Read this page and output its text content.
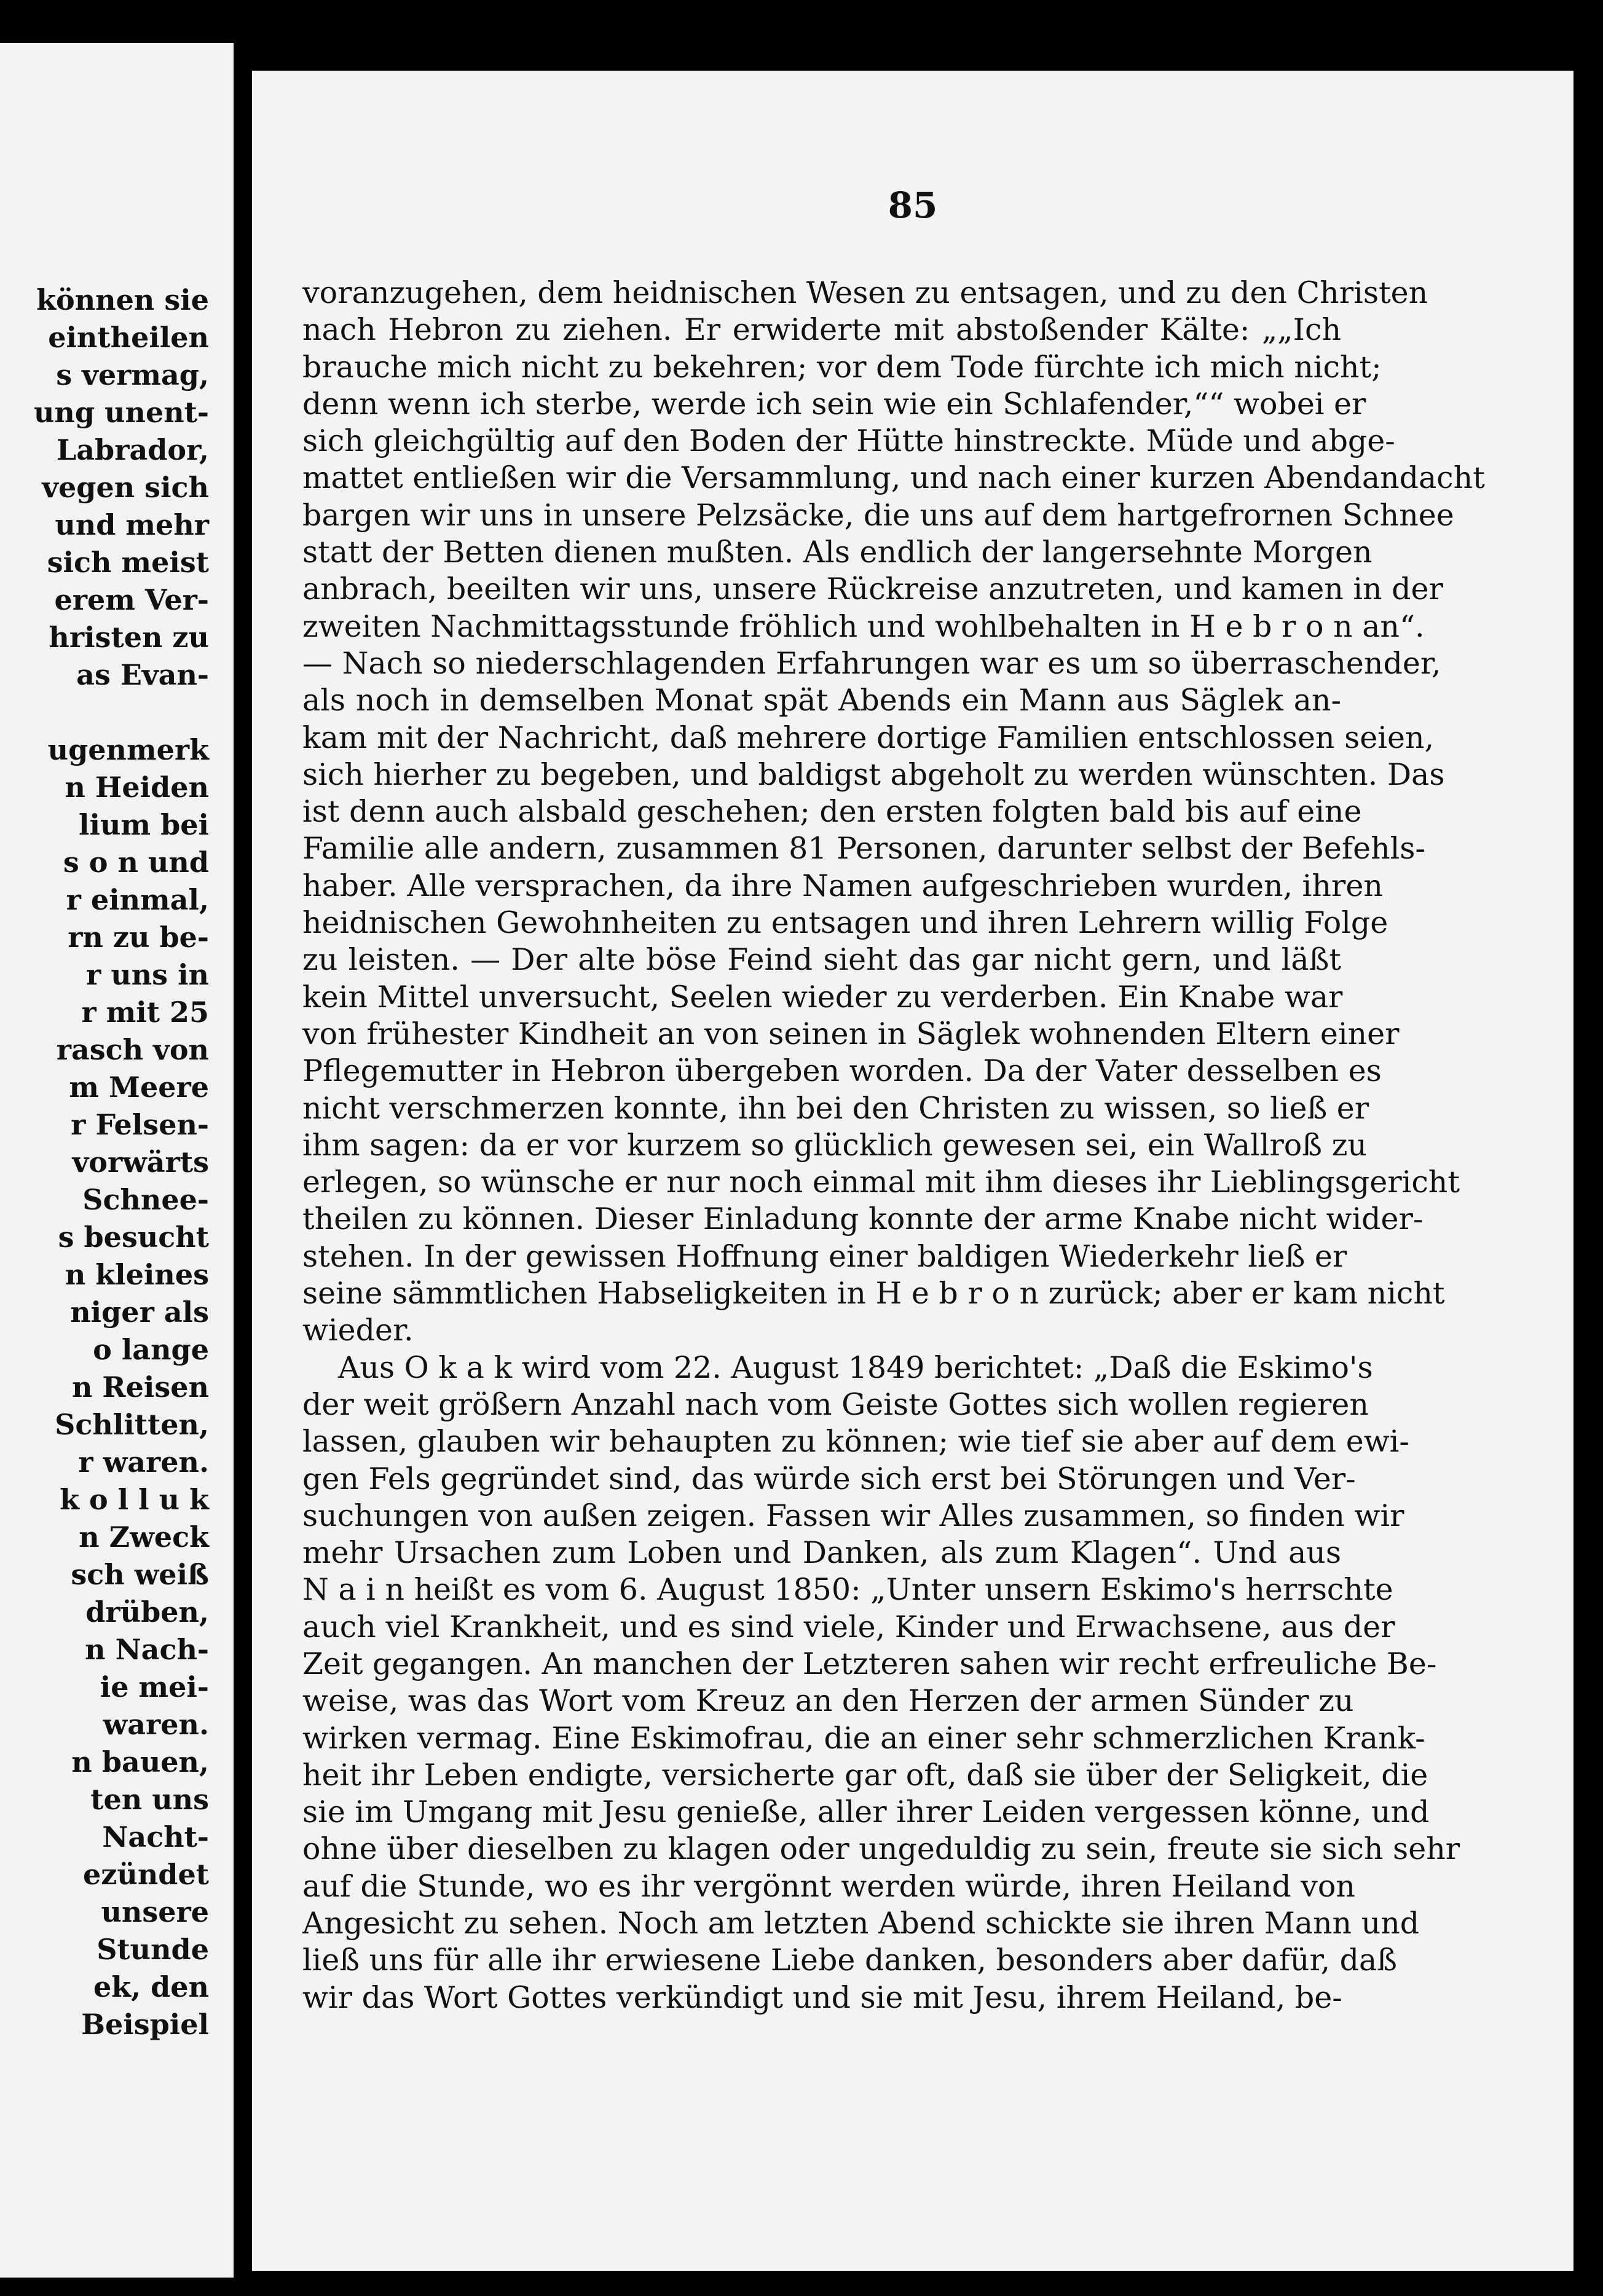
können sie
eintheilen
s vermag,
ung unent-
Labrador,
vegen sich
und mehr
sich meist
erem Ver-
hristen zu
as Evan-
ugenmerk
n Heiden
lium bei
s o n und
r einmal,
rn zu be-
r uns in
r mit 25
rasch von
m Meere
r Felsen-
vorwärts
Schnee-
s besucht
n kleines
niger als
o lange
n Reisen
Schlitten,
r waren.
k o l l u k
n Zweck
sch weiß
drüben,
n Nach-
ie mei-
waren.
n bauen,
ten uns
Nacht-
ezündet
unsere
Stunde
ek, den
Beispiel
85
voranzugehen, dem heidnischen Wesen zu entsagen, und zu den Christen
nach Hebron zu ziehen. Er erwiderte mit abstoßender Kälte: „„Ich
brauche mich nicht zu bekehren; vor dem Tode fürchte ich mich nicht;
denn wenn ich sterbe, werde ich sein wie ein Schlafender,““ wobei er
sich gleichgültig auf den Boden der Hütte hinstreckte. Müde und abge-
mattet entließen wir die Versammlung, und nach einer kurzen Abendandacht
bargen wir uns in unsere Pelzsäcke, die uns auf dem hartgefrornen Schnee
statt der Betten dienen mußten. Als endlich der langersehnte Morgen
anbrach, beeilten wir uns, unsere Rückreise anzutreten, und kamen in der
zweiten Nachmittagsstunde fröhlich und wohlbehalten in H e b r o n an“.
— Nach so niederschlagenden Erfahrungen war es um so überraschender,
als noch in demselben Monat spät Abends ein Mann aus Säglek an-
kam mit der Nachricht, daß mehrere dortige Familien entschlossen seien,
sich hierher zu begeben, und baldigst abgeholt zu werden wünschten. Das
ist denn auch alsbald geschehen; den ersten folgten bald bis auf eine
Familie alle andern, zusammen 81 Personen, darunter selbst der Befehls-
haber. Alle versprachen, da ihre Namen aufgeschrieben wurden, ihren
heidnischen Gewohnheiten zu entsagen und ihren Lehrern willig Folge
zu leisten. — Der alte böse Feind sieht das gar nicht gern, und läßt
kein Mittel unversucht, Seelen wieder zu verderben. Ein Knabe war
von frühester Kindheit an von seinen in Säglek wohnenden Eltern einer
Pflegemutter in Hebron übergeben worden. Da der Vater desselben es
nicht verschmerzen konnte, ihn bei den Christen zu wissen, so ließ er
ihm sagen: da er vor kurzem so glücklich gewesen sei, ein Wallroß zu
erlegen, so wünsche er nur noch einmal mit ihm dieses ihr Lieblingsgericht
theilen zu können. Dieser Einladung konnte der arme Knabe nicht wider-
stehen. In der gewissen Hoffnung einer baldigen Wiederkehr ließ er
seine sämmtlichen Habseligkeiten in H e b r o n zurück; aber er kam nicht
wieder.
Aus O k a k wird vom 22. August 1849 berichtet: „Daß die Eskimo's
der weit größern Anzahl nach vom Geiste Gottes sich wollen regieren
lassen, glauben wir behaupten zu können; wie tief sie aber auf dem ewi-
gen Fels gegründet sind, das würde sich erst bei Störungen und Ver-
suchungen von außen zeigen. Fassen wir Alles zusammen, so finden wir
mehr Ursachen zum Loben und Danken, als zum Klagen“. Und aus
N a i n heißt es vom 6. August 1850: „Unter unsern Eskimo's herrschte
auch viel Krankheit, und es sind viele, Kinder und Erwachsene, aus der
Zeit gegangen. An manchen der Letzteren sahen wir recht erfreuliche Be-
weise, was das Wort vom Kreuz an den Herzen der armen Sünder zu
wirken vermag. Eine Eskimofrau, die an einer sehr schmerzlichen Krank-
heit ihr Leben endigte, versicherte gar oft, daß sie über der Seligkeit, die
sie im Umgang mit Jesu genieße, aller ihrer Leiden vergessen könne, und
ohne über dieselben zu klagen oder ungeduldig zu sein, freute sie sich sehr
auf die Stunde, wo es ihr vergönnt werden würde, ihren Heiland von
Angesicht zu sehen. Noch am letzten Abend schickte sie ihren Mann und
ließ uns für alle ihr erwiesene Liebe danken, besonders aber dafür, daß
wir das Wort Gottes verkündigt und sie mit Jesu, ihrem Heiland, be-
